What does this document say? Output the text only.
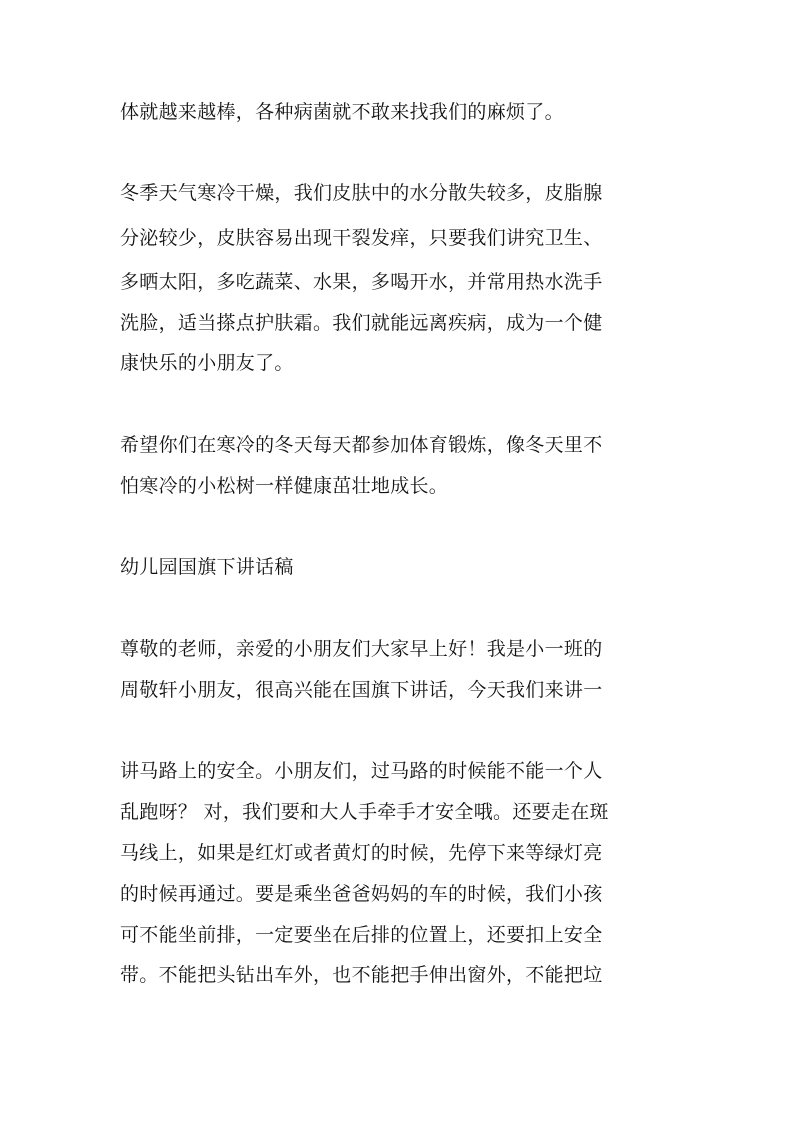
体就越来越棒，各种病菌就不敢来找我们的麻烦了。
冬季天气寒冷干燥，我们皮肤中的水分散失较多，皮脂腺
分泌较少，皮肤容易出现干裂发痒，只要我们讲究卫生、
多晒太阳，多吃蔬菜、水果，多喝开水，并常用热水洗手
洗脸，适当搽点护肤霜。我们就能远离疾病，成为一个健
康快乐的小朋友了。
希望你们在寒冷的冬天每天都参加体育锻炼，像冬天里不
怕寒冷的小松树一样健康茁壮地成长。
幼儿园国旗下讲话稿
尊敬的老师，亲爱的小朋友们大家早上好！我是小一班的
周敬轩小朋友，很高兴能在国旗下讲话，今天我们来讲一
讲马路上的安全。小朋友们，过马路的时候能不能一个人
乱跑呀？ 对，我们要和大人手牵手才安全哦。还要走在斑
马线上，如果是红灯或者黄灯的时候，先停下来等绿灯亮
的时候再通过。要是乘坐爸爸妈妈的车的时候，我们小孩
可不能坐前排，一定要坐在后排的位置上，还要扣上安全
带。不能把头钻出车外，也不能把手伸出窗外，不能把垃
